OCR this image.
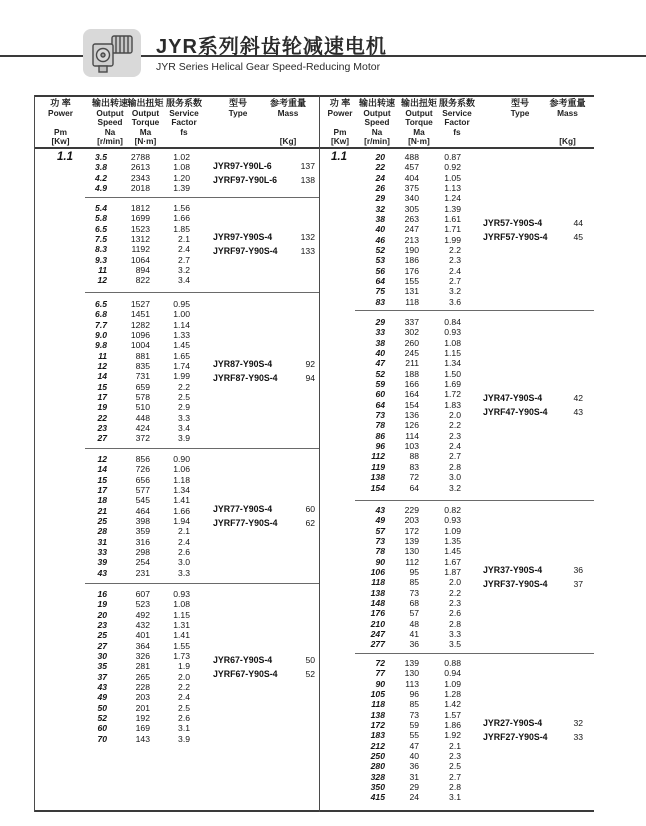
JYR系列斜齿轮减速电机
JYR Series Helical Gear Speed-Reducing Motor
功 率
Power

Pm
[Kw]
输出转速
Output
Speed
Na
[r/min]
输出扭矩
Output
Torque
Ma
[N·m]
服务系数
Service
Factor
fs

型号
Type

参考重量
Mass

[Kg]
1.1	3.5	2788	1.02
3.8	2613	1.08
4.2	2343	1.20
4.9	2018	1.39
JYR97-Y90L-6	137
JYRF97-Y90L-6	138
5.4	1812	1.56
5.8	1699	1.66
6.5	1523	1.85
7.5	1312	2.1
8.3	1192	2.4
9.3	1064	2.7
11	894	3.2
12	822	3.4
JYR97-Y90S-4	132
JYRF97-Y90S-4	133
6.5	1527	0.95
6.8	1451	1.00
7.7	1282	1.14
9.0	1096	1.33
9.8	1004	1.45
11	881	1.65
12	835	1.74
14	731	1.99
15	659	2.2
17	578	2.5
19	510	2.9
22	448	3.3
23	424	3.4
27	372	3.9
JYR87-Y90S-4	92
JYRF87-Y90S-4	94
12	856	0.90
14	726	1.06
15	656	1.18
17	577	1.34
18	545	1.41
21	464	1.66
25	398	1.94
28	359	2.1
31	316	2.4
33	298	2.6
39	254	3.0
43	231	3.3
JYR77-Y90S-4	60
JYRF77-Y90S-4	62
16	607	0.93
19	523	1.08
20	492	1.15
23	432	1.31
25	401	1.41
27	364	1.55
30	326	1.73
35	281	1.9
37	265	2.0
43	228	2.2
49	203	2.4
50	201	2.5
52	192	2.6
60	169	3.1
70	143	3.9
JYR67-Y90S-4	50
JYRF67-Y90S-4	52
功 率
Power

Pm
[Kw]
输出转速
Output
Speed
Na
[r/min]
输出扭矩
Output
Torque
Ma
[N·m]
服务系数
Service
Factor
fs

型号
Type

参考重量
Mass

[Kg]
1.1	20	488	0.87
22	457	0.92
24	404	1.05
26	375	1.13
29	340	1.24
32	305	1.39
38	263	1.61
40	247	1.71
46	213	1.99
52	190	2.2
53	186	2.3
56	176	2.4
64	155	2.7
75	131	3.2
83	118	3.6
JYR57-Y90S-4	44
JYRF57-Y90S-4	45
29	337	0.84
33	302	0.93
38	260	1.08
40	245	1.15
47	211	1.34
52	188	1.50
59	166	1.69
60	164	1.72
64	154	1.83
73	136	2.0
78	126	2.2
86	114	2.3
96	103	2.4
112	88	2.7
119	83	2.8
138	72	3.0
154	64	3.2
JYR47-Y90S-4	42
JYRF47-Y90S-4	43
43	229	0.82
49	203	0.93
57	172	1.09
73	139	1.35
78	130	1.45
90	112	1.67
106	95	1.87
118	85	2.0
138	73	2.2
148	68	2.3
176	57	2.6
210	48	2.8
247	41	3.3
277	36	3.5
JYR37-Y90S-4	36
JYRF37-Y90S-4	37
72	139	0.88
77	130	0.94
90	113	1.09
105	96	1.28
118	85	1.42
138	73	1.57
172	59	1.86
183	55	1.92
212	47	2.1
250	40	2.3
280	36	2.5
328	31	2.7
350	29	2.8
415	24	3.1
JYR27-Y90S-4	32
JYRF27-Y90S-4	33
